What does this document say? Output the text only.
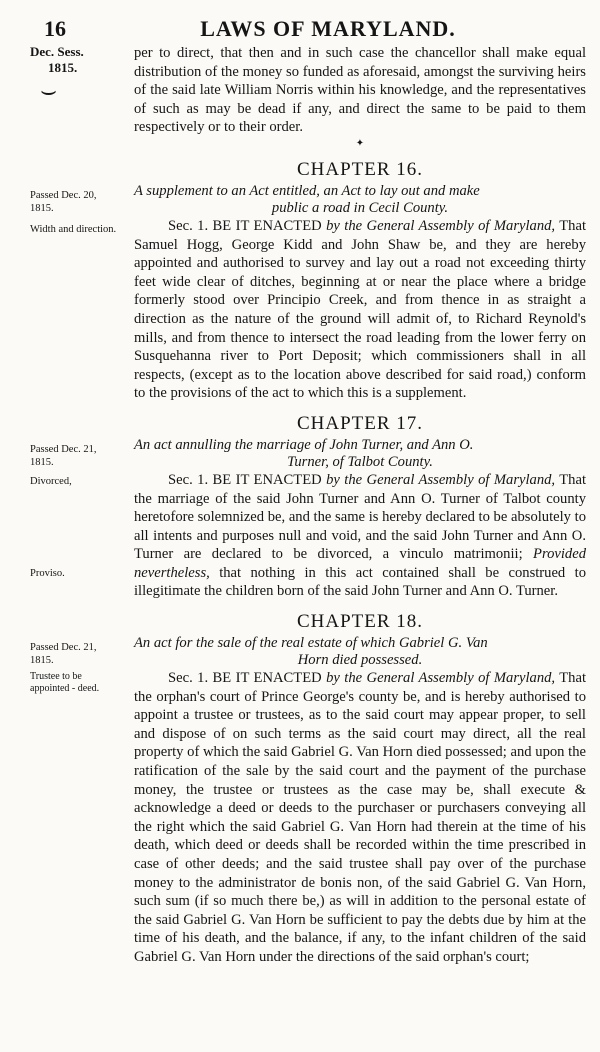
16	LAWS OF MARYLAND.
Dec. Sess.
1815.
⌣

per to direct, that then and in such case the chancellor shall make equal distribution of the money so funded as aforesaid, amongst the surviving heirs of the said late William Norris within his knowledge, and the representatives of such as may be dead if any, and direct the same to be paid to them respectively or to their order.

✦
CHAPTER 16.
Passed Dec. 20, 1815.
A supplement to an Act entitled, an Act to lay out and make
public a road in Cecil County.
Width and direction.	Sec. 1. BE IT ENACTED by the General Assembly of Maryland, That Samuel Hogg, George Kidd and John Shaw be, and they are hereby appointed and authorised to survey and lay out a road not exceeding thirty feet wide clear of ditches, beginning at or near the place where a bridge formerly stood over Principio Creek, and from thence in as straight a direction as the nature of the ground will admit of, to Richard Reynold's mills, and from thence to intersect the road leading from the lower ferry on Susquehanna river to Port Deposit; which commissioners shall in all respects, (except as to the location above described for said road,) conform to the provisions of the act to which this is a supplement.

CHAPTER 17.
Passed Dec. 21, 1815.
An act annulling the marriage of John Turner, and Ann O.
Turner, of Talbot County.
Divorced,
Proviso.

Sec. 1. BE IT ENACTED by the General Assembly of Maryland, That the marriage of the said John Turner and Ann O. Turner of Talbot county heretofore solemnized be, and the same is hereby declared to be absolutely to all intents and purposes null and void, and the said John Turner and Ann O. Turner are declared to be divorced, a vinculo matrimonii; Provided nevertheless, that nothing in this act contained shall be construed to illegitimate the children born of the said John Turner and Ann O. Turner.

CHAPTER 18.
Passed Dec. 21, 1815.
An act for the sale of the real estate of which Gabriel G. Van
Horn died possessed.
Trustee to be appointed - deed.

Sec. 1. BE IT ENACTED by the General Assembly of Maryland, That the orphan's court of Prince George's county be, and is hereby authorised to appoint a trustee or trustees, as to the said court may appear proper, to sell and dispose of on such terms as the said court may direct, all the real property of which the said Gabriel G. Van Horn died possessed; and upon the ratification of the sale by the said court and the payment of the purchase money, the trustee or trustees as the case may be, shall execute & acknowledge a deed or deeds to the purchaser or purchasers conveying all the right which the said Gabriel G. Van Horn had therein at the time of his death, which deed or deeds shall be recorded within the time prescribed in case of other deeds; and the said trustee shall pay over of the purchase money to the administrator de bonis non, of the said Gabriel G. Van Horn, such sum (if so much there be,) as will in addition to the personal estate of the said Gabriel G. Van Horn be sufficient to pay the debts due by him at the time of his death, and the balance, if any, to the infant children of the said Gabriel G. Van Horn under the directions of the said orphan's court;
